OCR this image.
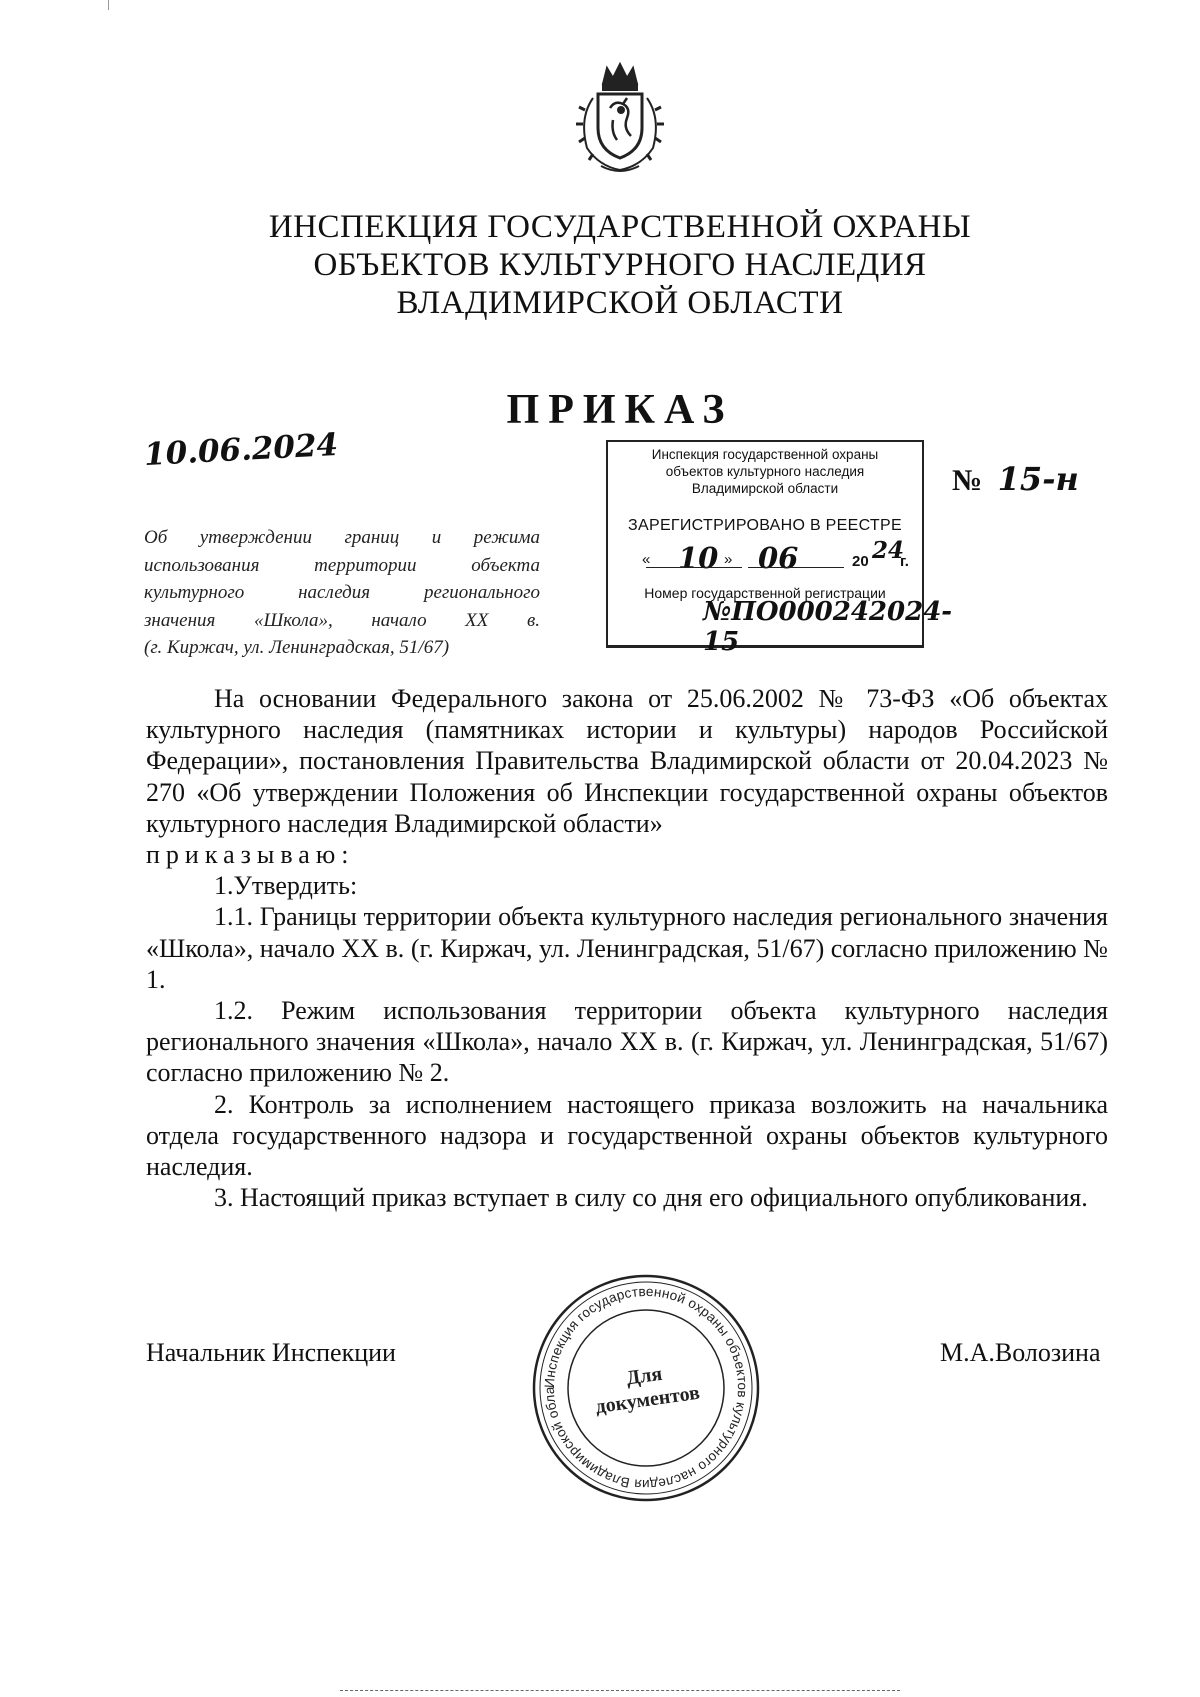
ИНСПЕКЦИЯ ГОСУДАРСТВЕННОЙ ОХРАНЫ
ОБЪЕКТОВ КУЛЬТУРНОГО НАСЛЕДИЯ
ВЛАДИМИРСКОЙ ОБЛАСТИ
ПРИКАЗ
10.06.2024	Инспекция государственной охраны
объектов культурного наследия
Владимирской области
ЗАРЕГИСТРИРОВАНО В РЕЕСТРЕ
« 10 » 06	20 24
г.
Номер государственной регистрации
№ПО000242024-15
№ 15-н
Об утверждении границ и режима
использования территории объекта
культурного наследия регионального
значения «Школа», начало XX в.
(г. Киржач, ул. Ленинградская, 51/67)

На основании Федерального закона от 25.06.2002 № 73-ФЗ «Об объектах культурного наследия (памятниках истории и культуры) народов Российской Федерации», постановления Правительства Владимирской области от 20.04.2023 № 270 «Об утверждении Положения об Инспекции государственной охраны объектов культурного наследия Владимирской области»

приказываю:

1.Утвердить:

1.1. Границы территории объекта культурного наследия регионального значения «Школа», начало XX в. (г. Киржач, ул. Ленинградская, 51/67) согласно приложению № 1.

1.2. Режим использования территории объекта культурного наследия регионального значения «Школа», начало XX в. (г. Киржач, ул. Ленинградская, 51/67) согласно приложению № 2.

2. Контроль за исполнением настоящего приказа возложить на начальника отдела государственного надзора и государственной охраны объектов культурного наследия.

3. Настоящий приказ вступает в силу со дня его официального опубликования.

Начальник Инспекции	М.А.Волозина
Инспекция государственной охраны объектов культурного наследия Владимирской обла
Для
документов
